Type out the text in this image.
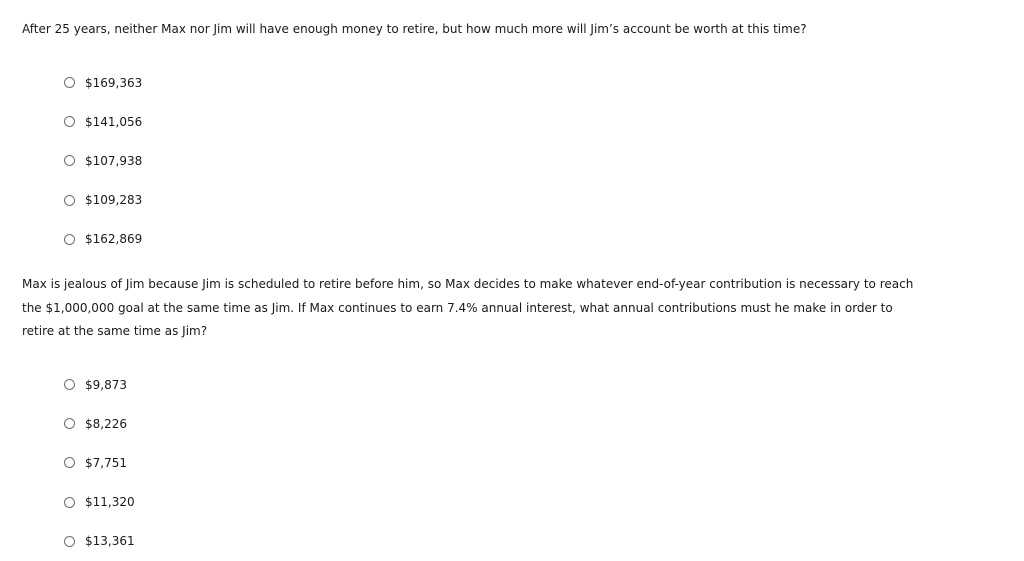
After 25 years, neither Max nor Jim will have enough money to retire, but how much more will Jim’s account be worth at this time?

$169,363
$141,056
$107,938
$109,283
$162,869

Max is jealous of Jim because Jim is scheduled to retire before him, so Max decides to make whatever end-of-year contribution is necessary to reach the $1,000,000 goal at the same time as Jim. If Max continues to earn 7.4% annual interest, what annual contributions must he make in order to retire at the same time as Jim?

$9,873
$8,226
$7,751
$11,320
$13,361
